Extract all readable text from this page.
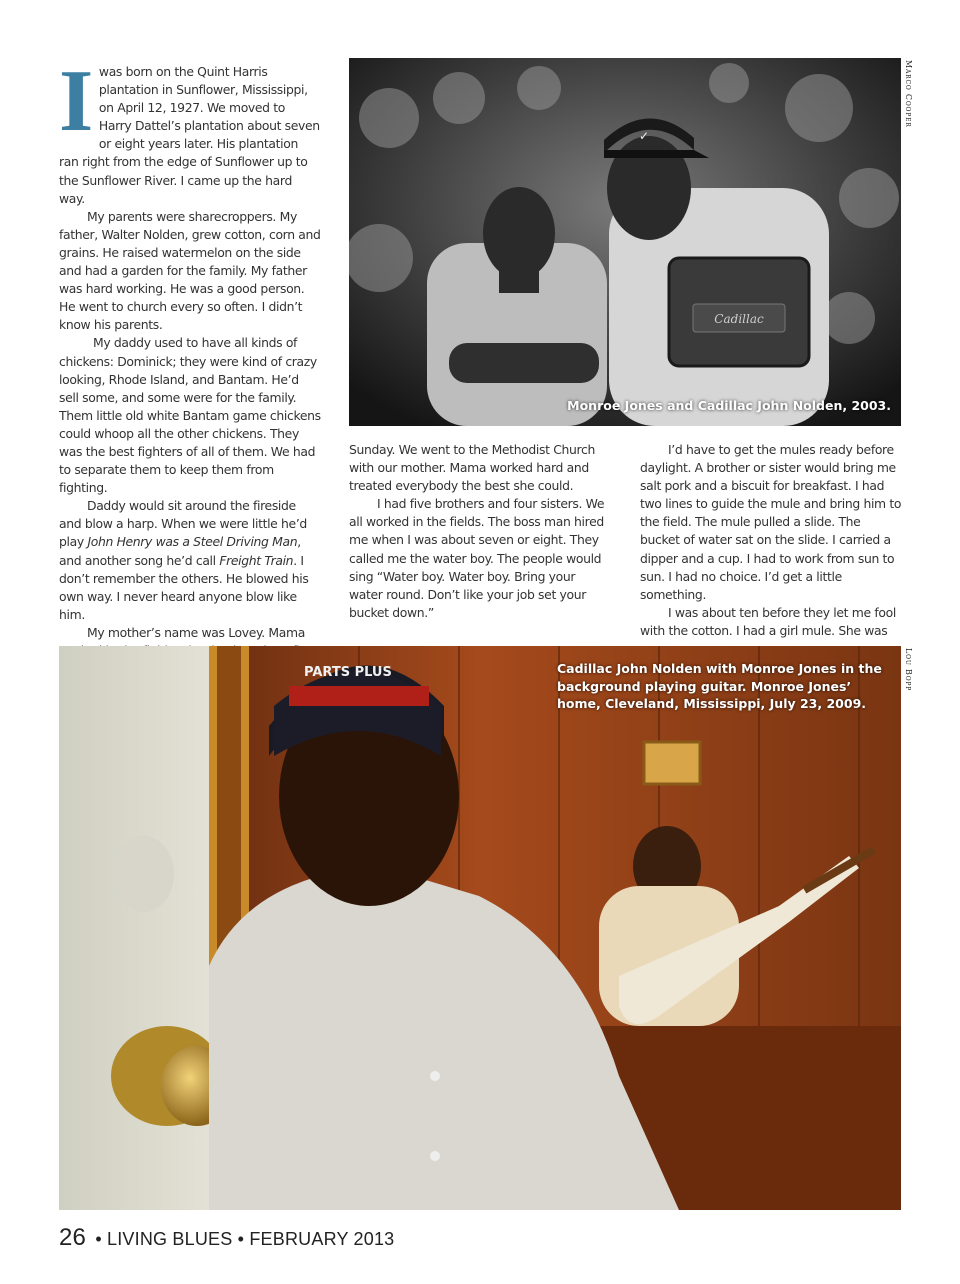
I was born on the Quint Harris plantation in Sunflower, Mississippi, on April 12, 1927. We moved to Harry Dattel’s plantation about seven or eight years later. His plantation ran right from the edge of Sunflower up to the Sunflower River. I came up the hard way.

My parents were sharecroppers. My father, Walter Nolden, grew cotton, corn and grains. He raised watermelon on the side and had a garden for the family. My father was hard working. He was a good person. He went to church every so often. I didn’t know his parents.

My daddy used to have all kinds of chickens: Dominick; they were kind of crazy looking, Rhode Island, and Bantam. He’d sell some, and some were for the family. Them little old white Bantam game chickens could whoop all the other chickens. They was the best fighters of all of them. We had to separate them to keep them from fighting.

Daddy would sit around the fireside and blow a harp. When we were little he’d play John Henry was a Steel Driving Man, and another song he’d call Freight Train. I don’t remember the others. He blowed his own way. I never heard anyone blow like him.

My mother’s name was Lovey. Mama

Sunday. We went to the Methodist Church with our mother. Mama worked hard and treated everybody the best she could.

I had five brothers and four sisters. We all worked in the fields. The boss man hired me when I was about seven or eight. They called me the water boy. The people would sing “Water boy. Water boy. Bring your water round. Don’t like your job set your bucket down.”

I’d have to get the mules ready before daylight. A brother or sister would bring me salt pork and a biscuit for breakfast. I had two lines to guide the mule and bring him to the field. The mule pulled a slide. The bucket of water sat on the slide. I carried a dipper and a cup. I had to work from sun to sun. I had no choice. I’d get a little something.

I was about ten before they let me fool with the cotton. I had a girl mule. She was

✓
Cadillac
Monroe Jones and Cadillac John Nolden, 2003.
Marco Cooper
PARTS PLUS	Cadillac John Nolden with Monroe Jones in the background playing guitar. Monroe Jones’ home, Cleveland, Mississippi, July 23, 2009.
Lou Bopp
26 • LIVING BLUES • FEBRUARY 2013
